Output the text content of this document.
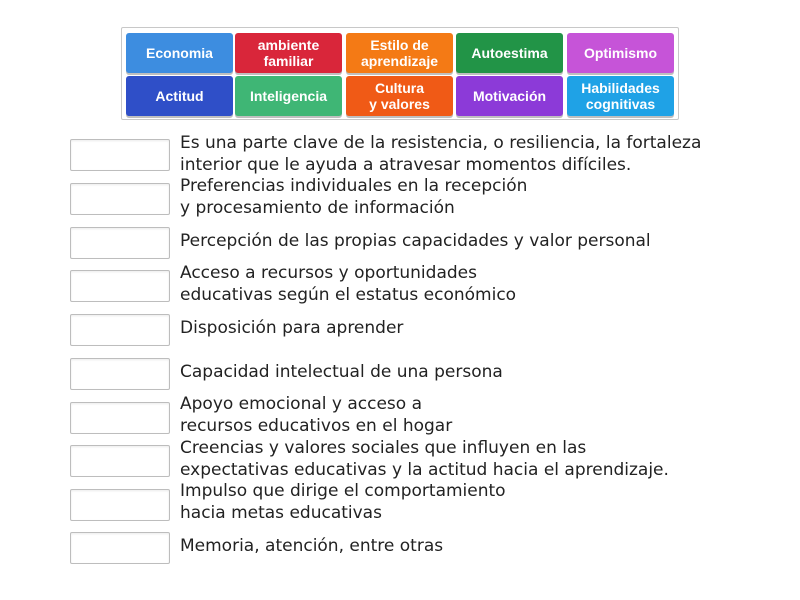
Economia	ambiente
familiar
Estilo de
aprendizaje	Autoestima	Optimismo
Actitud	Inteligencia	Cultura
y valores	Motivación	Habilidades
cognitivas
Es una parte clave de la resistencia, o resiliencia, la fortaleza
interior que le ayuda a atravesar momentos difíciles.
Preferencias individuales en la recepción
y procesamiento de información
Percepción de las propias capacidades y valor personal
Acceso a recursos y oportunidades
educativas según el estatus económico
Disposición para aprender
Capacidad intelectual de una persona
Apoyo emocional y acceso a
recursos educativos en el hogar
Creencias y valores sociales que influyen en las
expectativas educativas y la actitud hacia el aprendizaje.
Impulso que dirige el comportamiento
hacia metas educativas
Memoria, atención, entre otras
